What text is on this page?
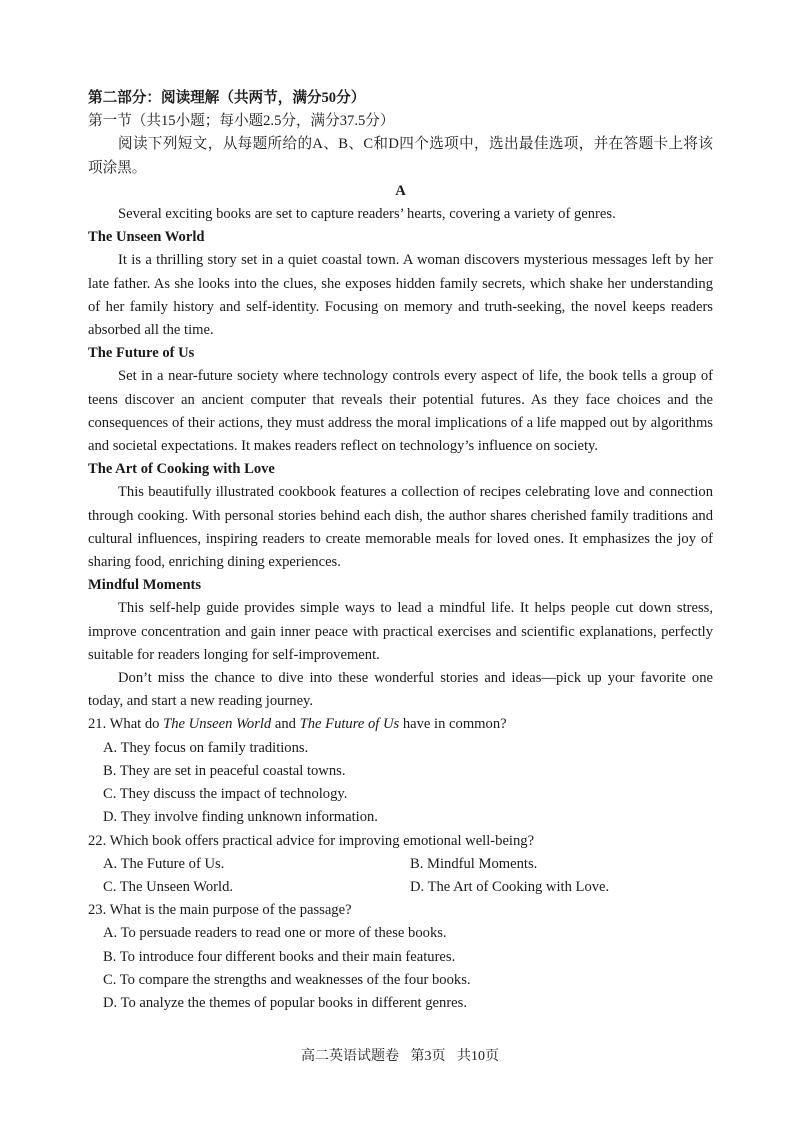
第二部分：阅读理解（共两节，满分50分）

第一节（共15小题；每小题2.5分，满分37.5分）

阅读下列短文，从每题所给的A、B、C和D四个选项中，选出最佳选项，并在答题卡上将该项涂黑。

A

Several exciting books are set to capture readers’ hearts, covering a variety of genres.

The Unseen World

It is a thrilling story set in a quiet coastal town. A woman discovers mysterious messages left by her late father. As she looks into the clues, she exposes hidden family secrets, which shake her understanding of her family history and self-identity. Focusing on memory and truth-seeking, the novel keeps readers absorbed all the time.

The Future of Us

Set in a near-future society where technology controls every aspect of life, the book tells a group of teens discover an ancient computer that reveals their potential futures. As they face choices and the consequences of their actions, they must address the moral implications of a life mapped out by algorithms and societal expectations. It makes readers reflect on technology’s influence on society.

The Art of Cooking with Love

This beautifully illustrated cookbook features a collection of recipes celebrating love and connection through cooking. With personal stories behind each dish, the author shares cherished family traditions and cultural influences, inspiring readers to create memorable meals for loved ones. It emphasizes the joy of sharing food, enriching dining experiences.

Mindful Moments

This self-help guide provides simple ways to lead a mindful life. It helps people cut down stress, improve concentration and gain inner peace with practical exercises and scientific explanations, perfectly suitable for readers longing for self-improvement.

Don’t miss the chance to dive into these wonderful stories and ideas—pick up your favorite one today, and start a new reading journey.

21. What do The Unseen World and The Future of Us have in common?

A. They focus on family traditions.

B. They are set in peaceful coastal towns.

C. They discuss the impact of technology.

D. They involve finding unknown information.

22. Which book offers practical advice for improving emotional well-being?

A. The Future of Us.	B. Mindful Moments.
C. The Unseen World.	D. The Art of Cooking with Love.

23. What is the main purpose of the passage?

A. To persuade readers to read one or more of these books.

B. To introduce four different books and their main features.

C. To compare the strengths and weaknesses of the four books.

D. To analyze the themes of popular books in different genres.

高二英语试题卷 第3页 共10页
